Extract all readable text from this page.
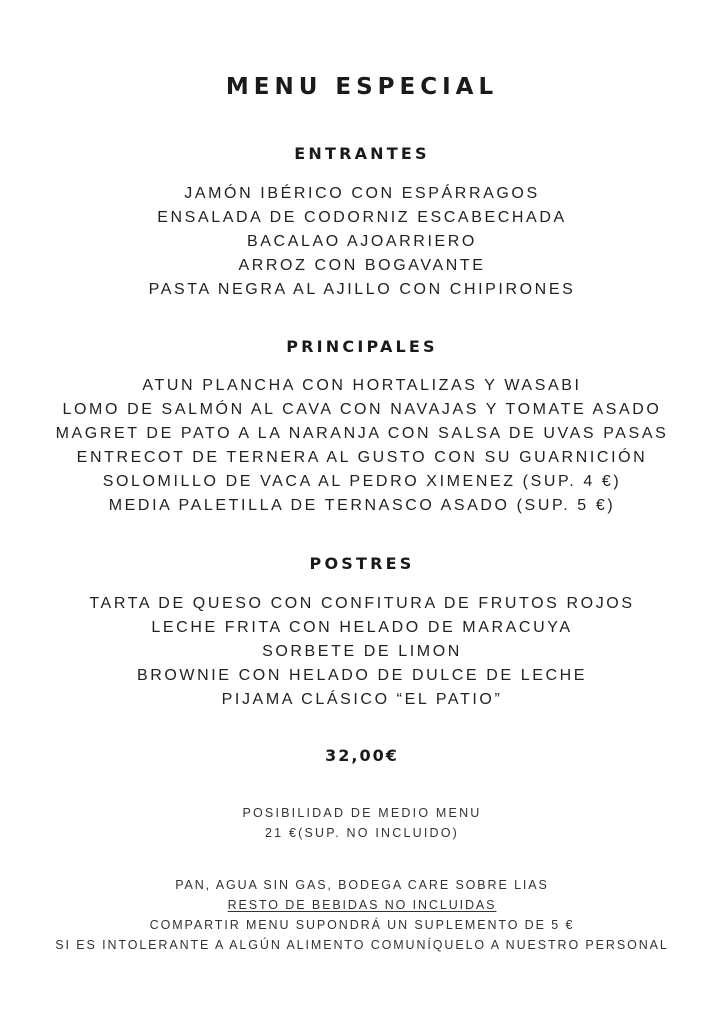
MENU ESPECIAL
ENTRANTES
JAMÓN IBÉRICO CON ESPÁRRAGOS
ENSALADA DE CODORNIZ ESCABECHADA
BACALAO AJOARRIERO
ARROZ CON BOGAVANTE
PASTA NEGRA AL AJILLO CON CHIPIRONES
PRINCIPALES
ATUN PLANCHA CON HORTALIZAS Y WASABI
LOMO DE SALMÓN AL CAVA CON NAVAJAS Y TOMATE ASADO
MAGRET DE PATO A LA NARANJA CON SALSA DE UVAS PASAS
ENTRECOT DE TERNERA AL GUSTO CON SU GUARNICIÓN
SOLOMILLO DE VACA AL PEDRO XIMENEZ (SUP. 4 €)
MEDIA PALETILLA DE TERNASCO ASADO (SUP. 5 €)
POSTRES
TARTA DE QUESO CON CONFITURA DE FRUTOS ROJOS
LECHE FRITA CON HELADO DE MARACUYA
SORBETE DE LIMON
BROWNIE CON HELADO DE DULCE DE LECHE
PIJAMA CLÁSICO “EL PATIO”
32,00€
POSIBILIDAD DE MEDIO MENU
21 €(SUP. NO INCLUIDO)
PAN, AGUA SIN GAS, BODEGA CARE SOBRE LIAS
RESTO DE BEBIDAS NO INCLUIDAS
COMPARTIR MENU SUPONDRÁ UN SUPLEMENTO DE 5 €
SI ES INTOLERANTE A ALGÚN ALIMENTO COMUNÍQUELO A NUESTRO PERSONAL
